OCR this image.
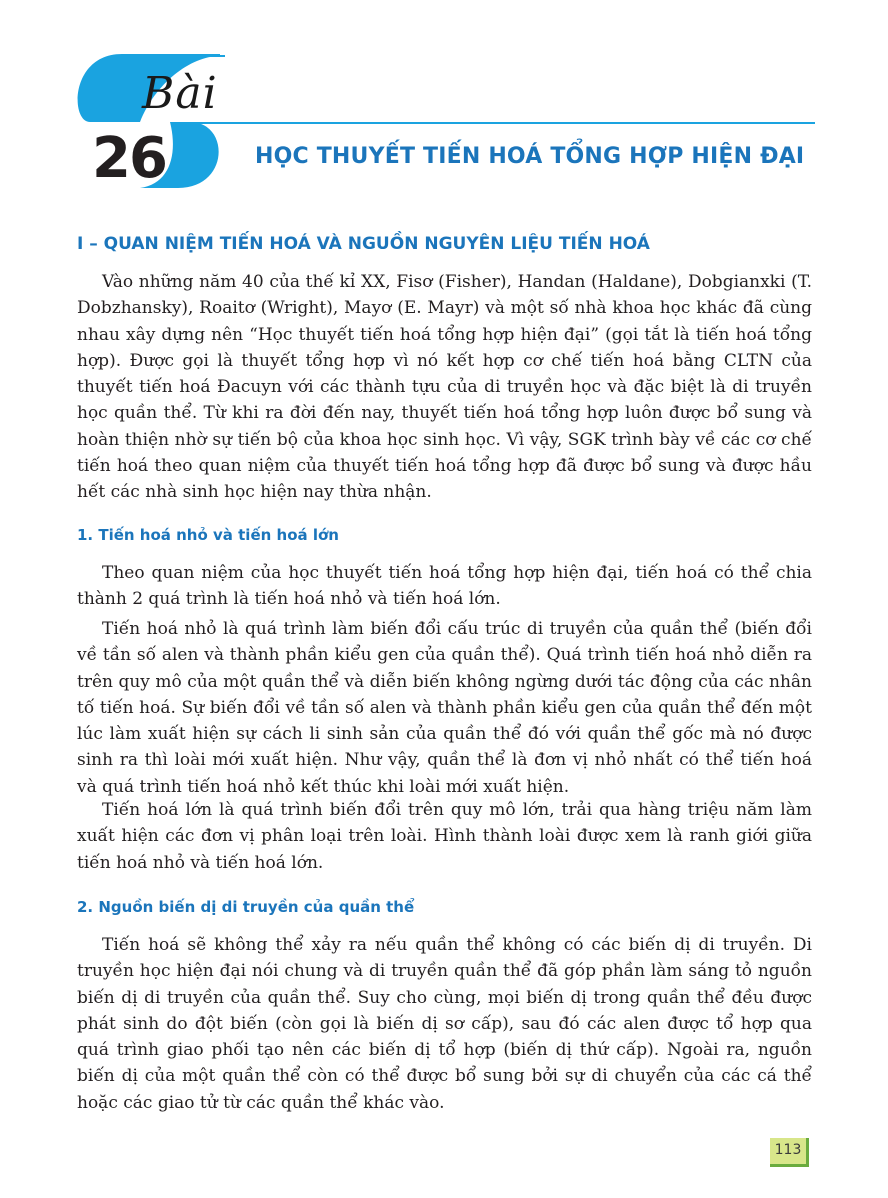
Bài
26	HỌC THUYẾT TIẾN HOÁ TỔNG HỢP HIỆN ĐẠI
I – QUAN NIỆM TIẾN HOÁ VÀ NGUỒN NGUYÊN LIỆU TIẾN HOÁ

Vào những năm 40 của thế kỉ XX, Fisơ (Fisher), Handan (Haldane), Dobgianxki (T. Dobzhansky), Roaitơ (Wright), Mayơ (E. Mayr) và một số nhà khoa học khác đã cùng nhau xây dựng nên “Học thuyết tiến hoá tổng hợp hiện đại” (gọi tắt là tiến hoá tổng hợp). Được gọi là thuyết tổng hợp vì nó kết hợp cơ chế tiến hoá bằng CLTN của thuyết tiến hoá Đacuyn với các thành tựu của di truyền học và đặc biệt là di truyền học quần thể. Từ khi ra đời đến nay, thuyết tiến hoá tổng hợp luôn được bổ sung và hoàn thiện nhờ sự tiến bộ của khoa học sinh học. Vì vậy, SGK trình bày về các cơ chế tiến hoá theo quan niệm của thuyết tiến hoá tổng hợp đã được bổ sung và được hầu hết các nhà sinh học hiện nay thừa nhận.

1. Tiến hoá nhỏ và tiến hoá lớn

Theo quan niệm của học thuyết tiến hoá tổng hợp hiện đại, tiến hoá có thể chia thành 2 quá trình là tiến hoá nhỏ và tiến hoá lớn.

Tiến hoá nhỏ là quá trình làm biến đổi cấu trúc di truyền của quần thể (biến đổi về tần số alen và thành phần kiểu gen của quần thể). Quá trình tiến hoá nhỏ diễn ra trên quy mô của một quần thể và diễn biến không ngừng dưới tác động của các nhân tố tiến hoá. Sự biến đổi về tần số alen và thành phần kiểu gen của quần thể đến một lúc làm xuất hiện sự cách li sinh sản của quần thể đó với quần thể gốc mà nó được sinh ra thì loài mới xuất hiện. Như vậy, quần thể là đơn vị nhỏ nhất có thể tiến hoá và quá trình tiến hoá nhỏ kết thúc khi loài mới xuất hiện.

Tiến hoá lớn là quá trình biến đổi trên quy mô lớn, trải qua hàng triệu năm làm xuất hiện các đơn vị phân loại trên loài. Hình thành loài được xem là ranh giới giữa tiến hoá nhỏ và tiến hoá lớn.

2. Nguồn biến dị di truyền của quần thể

Tiến hoá sẽ không thể xảy ra nếu quần thể không có các biến dị di truyền. Di truyền học hiện đại nói chung và di truyền quần thể đã góp phần làm sáng tỏ nguồn biến dị di truyền của quần thể. Suy cho cùng, mọi biến dị trong quần thể đều được phát sinh do đột biến (còn gọi là biến dị sơ cấp), sau đó các alen được tổ hợp qua quá trình giao phối tạo nên các biến dị tổ hợp (biến dị thứ cấp). Ngoài ra, nguồn biến dị của một quần thể còn có thể được bổ sung bởi sự di chuyển của các cá thể hoặc các giao tử từ các quần thể khác vào.

113
